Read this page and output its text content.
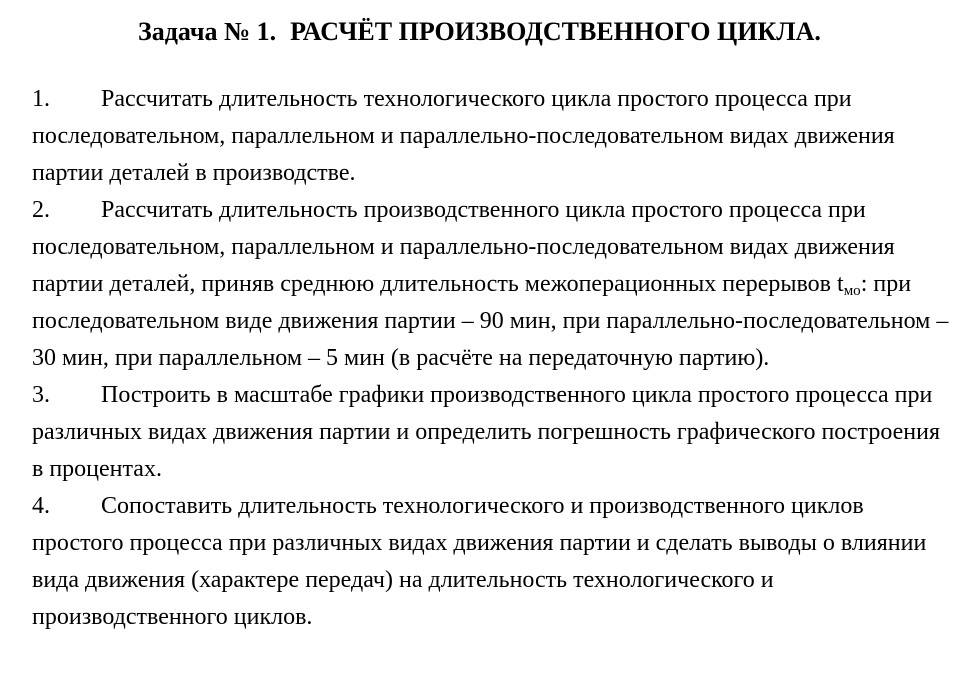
Задача № 1. РАСЧЁТ ПРОИЗВОДСТВЕННОГО ЦИКЛА.

1. Рассчитать длительность технологического цикла простого процесса при последовательном, параллельном и параллельно-последовательном видах движения партии деталей в производстве.

2. Рассчитать длительность производственного цикла простого процесса при последовательном, параллельном и параллельно-последовательном видах движения партии деталей, приняв среднюю длительность межоперационных перерывов $t_{мо}$: при последовательном виде движения партии – 90 мин, при параллельно-последовательном – 30 мин, при параллельном – 5 мин (в расчёте на передаточную партию).

3. Построить в масштабе графики производственного цикла простого процесса при различных видах движения партии и определить погрешность графического построения в процентах.

4. Сопоставить длительность технологического и производственного циклов простого процесса при различных видах движения партии и сделать выводы о влиянии вида движения (характере передач) на длительность технологического и производственного циклов.
